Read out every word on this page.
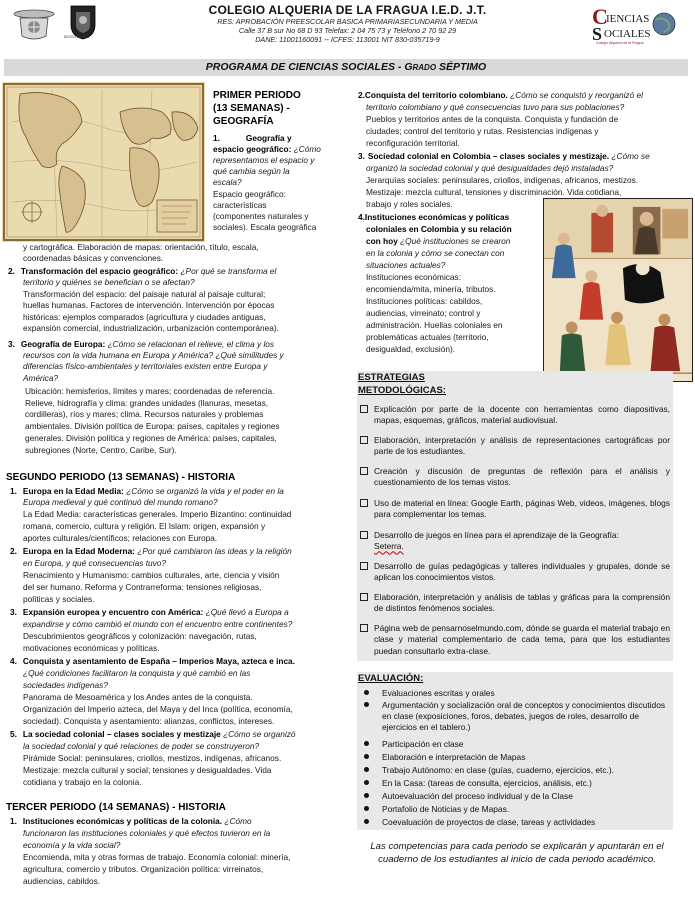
BOGOTÁ D.C.
COLEGIO ALQUERIA DE LA FRAGUA I.E.D. J.T.
RES: APROBACIÓN PREESCOLAR BASICA PRIMARIASECUNDARIA Y MEDIA
Calle 37 B sur No 68 D 93 Telefax: 2 04 75 73 y Teléfono 2 70 92 29
DANE: 11001160091 -- ICFES: 113001 NIT 830-035719-9
C
S
IENCIAS
OCIALES
Colegio Alquería de la Fragua
PROGRAMA DE CIENCIAS SOCIALES - GRADO SÉPTIMO
PRIMER PERIODO
(13 SEMANAS) -
GEOGRAFÍA
1.	Geografía y
espacio geográfico: ¿Cómo
representamos el espacio y
qué cambia según la
escala?
Espacio geográfico:
características
(componentes naturales y
sociales). Escala geográfica
y cartográfica. Elaboración de mapas: orientación, título, escala,
coordenadas básicas y convenciones.
2. Transformación del espacio geográfico: ¿Por qué se transforma el
territorio y quiénes se benefician o se afectan?
Transformación del espacio: del paisaje natural al paisaje cultural;
huellas humanas. Factores de intervención. Intervención por épocas
históricas: ejemplos comparados (agricultura y ciudades antiguas,
expansión comercial, industrialización, urbanización contemporánea).
3. Geografía de Europa: ¿Cómo se relacionan el relieve, el clima y los
recursos con la vida humana en Europa y América? ¿Qué similitudes y
diferencias físico-ambientales y territoriales existen entre Europa y
América?
Ubicación: hemisferios, límites y mares; coordenadas de referencia.
Relieve, hidrografía y clima: grandes unidades (llanuras, mesetas,
cordilleras), ríos y mares; clima. Recursos naturales y problemas
ambientales. División política de Europa: países, capitales y regiones
generales. División política y regiones de América: países, capitales,
subregiones (Norte, Centro, Caribe, Sur).
SEGUNDO PERIODO (13 SEMANAS) - HISTORIA
1. Europa en la Edad Media: ¿Cómo se organizó la vida y el poder en la
Europa medieval y qué continuó del mundo romano?
La Edad Media: características generales. Imperio Bizantino: continuidad
romana, comercio, cultura y religión. El Islam: origen, expansión y
aportes culturales/científicos; relaciones con Europa.
2. Europa en la Edad Moderna: ¿Por qué cambiaron las ideas y la religión
en Europa, y qué consecuencias tuvo?
Renacimiento y Humanismo: cambios culturales, arte, ciencia y visión
del ser humano. Reforma y Contrarreforma: tensiones religiosas,
políticas y sociales.
3. Expansión europea y encuentro con América: ¿Qué llevó a Europa a
expandirse y cómo cambió el mundo con el encuentro entre continentes?
Descubrimientos geográficos y colonización: navegación, rutas,
motivaciones económicas y políticas.
4. Conquista y asentamiento de España – Imperios Maya, azteca e inca.
¿Qué condiciones facilitaron la conquista y qué cambió en las
sociedades indígenas?
Panorama de Mesoamérica y los Andes antes de la conquista.
Organización del Imperio azteca, del Maya y del Inca (política, economía,
sociedad). Conquista y asentamiento: alianzas, conflictos, intereses.
5. La sociedad colonial – clases sociales y mestizaje ¿Cómo se organizó
la sociedad colonial y qué relaciones de poder se construyeron?
Pirámide Social: peninsulares, criollos, mestizos, indígenas, africanos.
Mestizaje: mezcla cultural y social; tensiones y desigualdades. Vida
cotidiana y trabajo en la colonia.
TERCER PERIODO (14 SEMANAS) - HISTORIA
1. Instituciones económicas y políticas de la colonia. ¿Cómo
funcionaron las instituciones coloniales y qué efectos tuvieron en la
economía y la vida social?
Encomienda, mita y otras formas de trabajo. Economía colonial: minería,
agricultura, comercio y tributos. Organización política: virreinatos,
audiencias, cabildos.
2.Conquista del territorio colombiano. ¿Cómo se conquistó y reorganizó el
territorio colombiano y qué consecuencias tuvo para sus poblaciones?
Pueblos y territorios antes de la conquista. Conquista y fundación de
ciudades; control del territorio y rutas. Resistencias indígenas y
reconfiguración territorial.
3. Sociedad colonial en Colombia – clases sociales y mestizaje. ¿Cómo se
organizó la sociedad colonial y qué desigualdades dejó instaladas?
Jerarquías sociales: peninsulares, criollos, indígenas, africanos, mestizos.
Mestizaje: mezcla cultural, tensiones y discriminación. Vida cotidiana,
trabajo y roles sociales.
4.Instituciones económicas y políticas
coloniales en Colombia y su relación
con hoy ¿Qué instituciones se crearon
en la colonia y cómo se conectan con
situaciones actuales?
Instituciones económicas:
encomienda/mita, minería, tributos.
Instituciones políticas: cabildos,
audiencias, virreinato; control y
administración. Huellas coloniales en
problemáticas actuales (territorio,
desigualdad, exclusión).
ESTRATEGIAS
METODOLÓGICAS:
Explicación por parte de la docente con herramientas como diapositivas, mapas, esquemas, gráficos, material audiovisual.
Elaboración, interpretación y análisis de representaciones cartográficas por parte de los estudiantes.
Creación y discusión de preguntas de reflexión para el análisis y cuestionamiento de los temas vistos.
Uso de material en línea: Google Earth, páginas Web, videos, imágenes, blogs para complementar los temas.
Desarrollo de juegos en línea para el aprendizaje de la Geografía:
Seterra.
Desarrollo de guías pedagógicas y talleres individuales y grupales, donde se aplican los conocimientos vistos.
Elaboración, interpretación y análisis de tablas y gráficas para la comprensión de distintos fenómenos sociales.
Página web de pensarnoselmundo.com, dónde se guarda el material trabajo en clase y material complementario de cada tema, para que los estudiantes puedan consultarlo extra-clase.
EVALUACIÓN:
Evaluaciones escritas y orales
Argumentación y socialización oral de conceptos y conocimientos discutidos en clase (exposiciones, foros, debates, juegos de roles, desarrollo de ejercicios en el tablero.)
Participación en clase
Elaboración e interpretación de Mapas
Trabajo Autónomo: en clase (guías, cuaderno, ejercicios, etc.).
En la Casa: (tareas de consulta, ejercicios, análisis, etc.)
Autoevaluación del proceso individual y de la Clase
Portafolio de Noticias y de Mapas.
Coevaluación de proyectos de clase, tareas y actividades
Las competencias para cada periodo se explicarán y apuntarán en el cuaderno de los estudiantes al inicio de cada periodo académico.
